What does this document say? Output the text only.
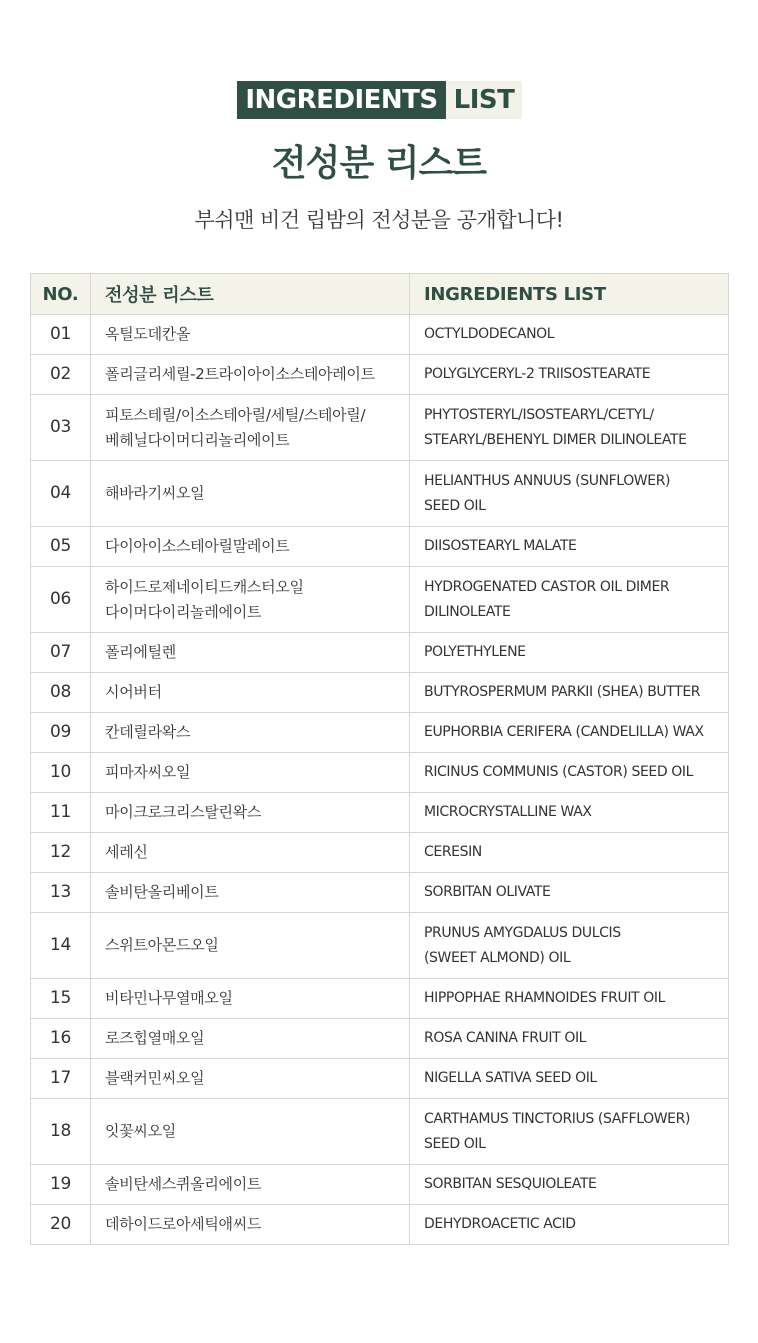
INGREDIENTS LIST
전성분 리스트
부쉬맨 비건 립밤의 전성분을 공개합니다!
NO.	전성분 리스트	INGREDIENTS LIST
01	옥틸도데칸올	OCTYLDODECANOL
02	폴리글리세릴-2트라이아이소스테아레이트	POLYGLYCERYL-2 TRIISOSTEARATE
03	피토스테릴/이소스테아릴/세틸/스테아릴/
베헤닐다이머디리놀리에이트	PHYTOSTERYL/ISOSTEARYL/CETYL/
STEARYL/BEHENYL DIMER DILINOLEATE
04	해바라기씨오일	HELIANTHUS ANNUUS (SUNFLOWER)
SEED OIL
05	다이아이소스테아릴말레이트	DIISOSTEARYL MALATE
06	하이드로제네이티드캐스터오일
다이머다이리놀레에이트	HYDROGENATED CASTOR OIL DIMER
DILINOLEATE
07	폴리에틸렌	POLYETHYLENE
08	시어버터	BUTYROSPERMUM PARKII (SHEA) BUTTER
09	칸데릴라왁스	EUPHORBIA CERIFERA (CANDELILLA) WAX
10	피마자씨오일	RICINUS COMMUNIS (CASTOR) SEED OIL
11	마이크로크리스탈린왁스	MICROCRYSTALLINE WAX
12	세레신	CERESIN
13	솔비탄올리베이트	SORBITAN OLIVATE
14	스위트아몬드오일	PRUNUS AMYGDALUS DULCIS
(SWEET ALMOND) OIL
15	비타민나무열매오일	HIPPOPHAE RHAMNOIDES FRUIT OIL
16	로즈힙열매오일	ROSA CANINA FRUIT OIL
17	블랙커민씨오일	NIGELLA SATIVA SEED OIL
18	잇꽃씨오일	CARTHAMUS TINCTORIUS (SAFFLOWER)
SEED OIL
19	솔비탄세스퀴올리에이트	SORBITAN SESQUIOLEATE
20	데하이드로아세틱애씨드	DEHYDROACETIC ACID
